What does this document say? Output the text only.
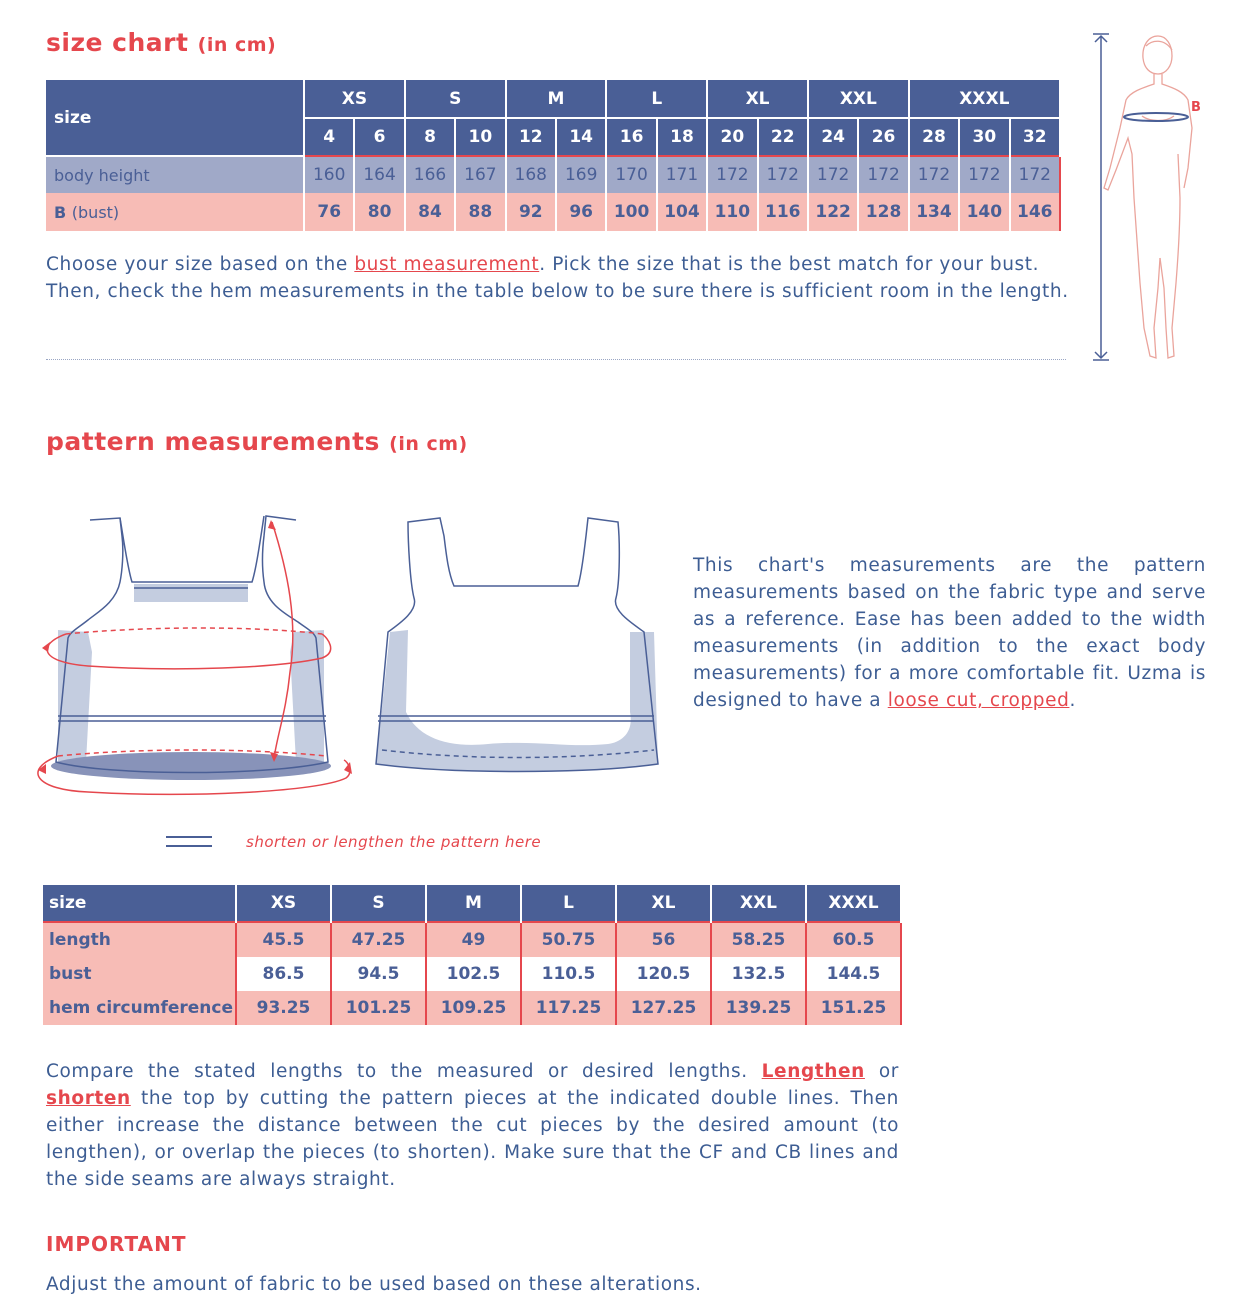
size chart (in cm)
size	XS		S		M		L		XL		XXL		XXXL		
	4	6	8	10	12	14	16	18	20	22	24	26	28	30	32
body height	160	164	166	167	168	169	170	171	172	172	172	172	172	172	172
B (bust)	76	80	84	88	92	96	100	104	110	116	122	128	134	140	146
Choose your size based on the bust measurement. Pick the size that is the best match for your bust.
Then, check the hem measurements in the table below to be sure there is sufficient room in the length.
B
pattern measurements (in cm)
This chart's measurements are the pattern measurements based on the fabric type and serve as a reference. Ease has been added to the width measurements (in addition to the exact body measurements) for a more comfortable fit. Uzma is designed to have a loose cut, cropped.
shorten or lengthen the pattern here
size	XS	S	M	L	XL	XXL	XXXL
length	45.5	47.25	49	50.75	56	58.25	60.5
bust	86.5	94.5	102.5	110.5	120.5	132.5	144.5
hem circumference	93.25	101.25	109.25	117.25	127.25	139.25	151.25
Compare the stated lengths to the measured or desired lengths. Lengthen or shorten the top by cutting the pattern pieces at the indicated double lines. Then either increase the distance between the cut pieces by the desired amount (to lengthen), or overlap the pieces (to shorten). Make sure that the CF and CB lines and the side seams are always straight.
IMPORTANT
Adjust the amount of fabric to be used based on these alterations.
